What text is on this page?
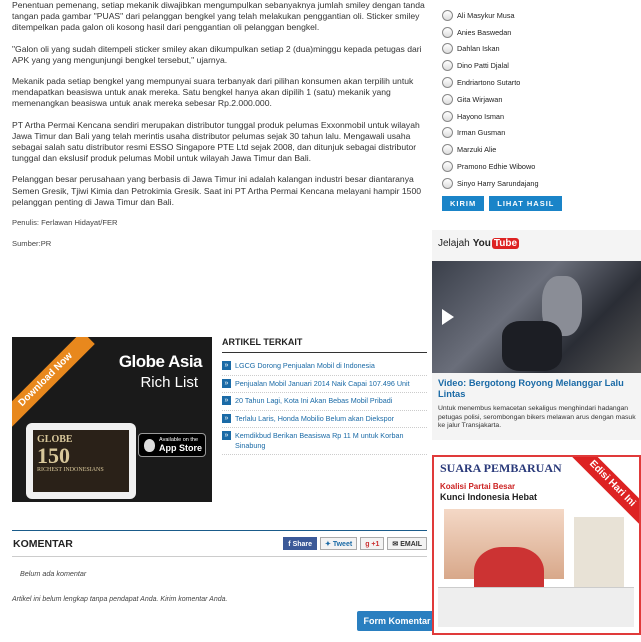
Penentuan pemenang, setiap mekanik diwajibkan mengumpulkan sebanyaknya jumlah smiley dengan tanda tangan pada gambar "PUAS" dari pelanggan bengkel yang telah melakukan penggantian oli. Sticker smiley ditempelkan pada galon oli kosong hasil dari penggantian oli pelanggan bengkel.

"Galon oli yang sudah ditempeli sticker smiley akan dikumpulkan setiap 2 (dua)minggu kepada petugas dari APK yang yang mengunjungi bengkel tersebut," ujarnya.

Mekanik pada setiap bengkel yang mempunyai suara terbanyak dari pilihan konsumen akan terpilih untuk mendapatkan beasiswa untuk anak mereka. Satu bengkel hanya akan dipilih 1 (satu) mekanik yang memenangkan beasiswa untuk anak mereka sebesar Rp.2.000.000.

PT Artha Permai Kencana sendiri merupakan distributor tunggal produk pelumas Exxonmobil untuk wilayah Jawa Timur dan Bali yang telah merintis usaha distributor pelumas sejak 30 tahun lalu. Mengawali usaha sebagai salah satu distributor resmi ESSO Singapore PTE Ltd sejak 2008, dan ditunjuk sebagai distributor tunggal dan ekslusif produk pelumas Mobil untuk wilayah Jawa Timur dan Bali.

Pelanggan besar perusahaan yang berbasis di Jawa Timur ini adalah kalangan industri besar diantaranya Semen Gresik, Tjiwi Kimia dan Petrokimia Gresik. Saat ini PT Artha Permai Kencana melayani hampir 1500 pelanggan penting di Jawa Timur dan Bali.

Penulis: Ferlawan Hidayat/FER

Sumber:PR

Download Now	Globe Asia
Rich List
GLOBE
150
RICHEST INDONESIANS
Available on the
App Store
ARTIKEL TERKAIT
» LGCG Dorong Penjualan Mobil di Indonesia
» Penjualan Mobil Januari 2014 Naik Capai 107.496 Unit
» 20 Tahun Lagi, Kota Ini Akan Bebas Mobil Pribadi
» Terlalu Laris, Honda Mobilio Belum akan Diekspor
» Kemdikbud Berikan Beasiswa Rp 11 M untuk Korban Sinabung
KOMENTAR	f Share	✦ Tweet	g +1	✉ EMAIL
Belum ada komentar
Artikel ini belum lengkap tanpa pendapat Anda. Kirim komentar Anda.
Form Komentar
Ali Masykur Musa
Anies Baswedan
Dahlan Iskan
Dino Patti Djalal
Endriartono Sutarto
Gita Wirjawan
Hayono Isman
Irman Gusman
Marzuki Alie
Pramono Edhie Wibowo
Sinyo Harry Sarundajang
KIRIM	LIHAT HASIL
Jelajah You Tube
Video: Bergotong Royong Melanggar Lalu Lintas
Untuk menembus kemacetan sekaligus menghindari hadangan petugas polisi, serombongan bikers melawan arus dengan masuk ke jalur Transjakarta.
SUARA PEMBARUAN
Koalisi Partai Besar
Kunci Indonesia Hebat	Edisi Hari Ini
